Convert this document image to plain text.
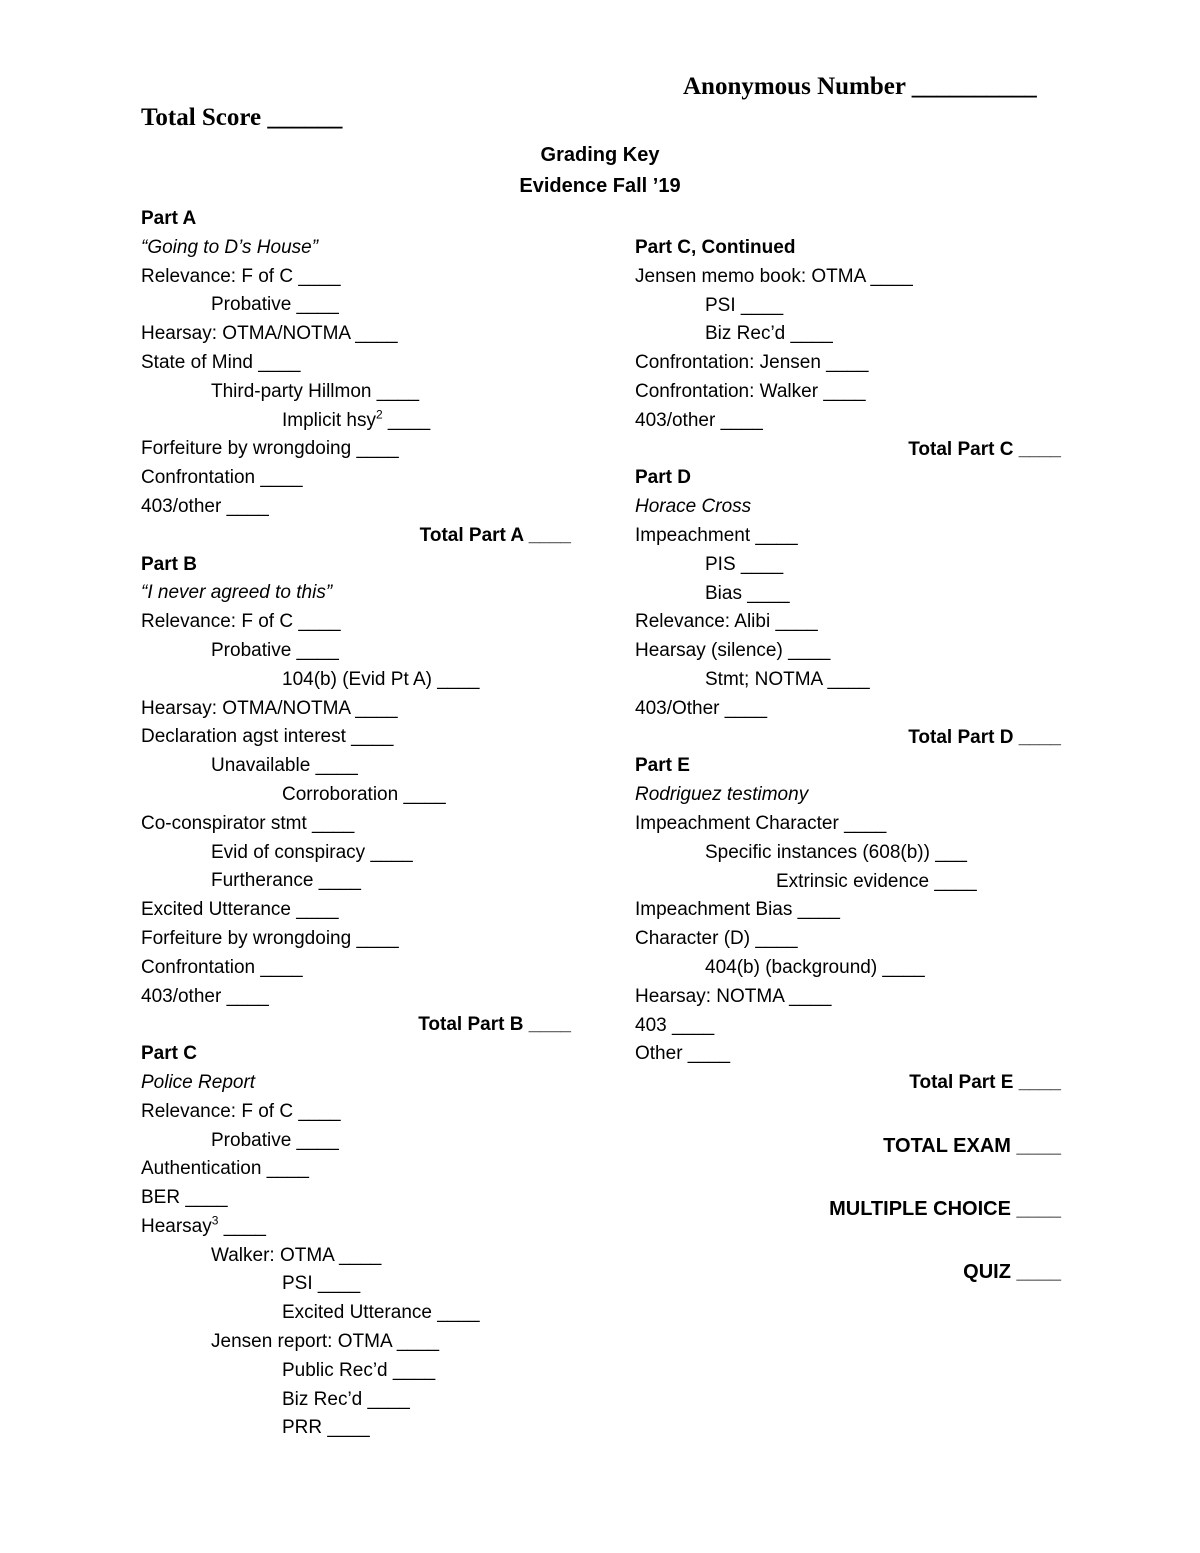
Anonymous Number __________
Total Score ______
Grading Key
Evidence Fall ’19
Part A
“Going to D’s House”
Relevance: F of C ____
Probative ____
Hearsay: OTMA/NOTMA ____
State of Mind ____
Third-party Hillmon ____
Implicit hsy$^2$ ____
Forfeiture by wrongdoing ____
Confrontation ____
403/other ____
Total Part A ____
Part B
“I never agreed to this”
Relevance: F of C ____
Probative ____
104(b) (Evid Pt A) ____
Hearsay: OTMA/NOTMA ____
Declaration agst interest ____
Unavailable ____
Corroboration ____
Co-conspirator stmt ____
Evid of conspiracy ____
Furtherance ____
Excited Utterance ____
Forfeiture by wrongdoing ____
Confrontation ____
403/other ____
Total Part B ____
Part C
Police Report
Relevance: F of C ____
Probative ____
Authentication ____
BER ____
Hearsay$^3$ ____
Walker: OTMA ____
PSI ____
Excited Utterance ____
Jensen report: OTMA ____
Public Rec’d ____
Biz Rec’d ____
PRR ____
Part C, Continued
Jensen memo book: OTMA ____
PSI ____
Biz Rec’d ____
Confrontation: Jensen ____
Confrontation: Walker ____
403/other ____
Total Part C ____
Part D
Horace Cross
Impeachment ____
PIS ____
Bias ____
Relevance: Alibi ____
Hearsay (silence) ____
Stmt; NOTMA ____
403/Other ____
Total Part D ____
Part E
Rodriguez testimony
Impeachment Character ____
Specific instances (608(b)) ___
Extrinsic evidence ____
Impeachment Bias ____
Character (D) ____
404(b) (background) ____
Hearsay: NOTMA ____
403 ____
Other ____
Total Part E ____
TOTAL EXAM ____
MULTIPLE CHOICE ____
QUIZ ____
